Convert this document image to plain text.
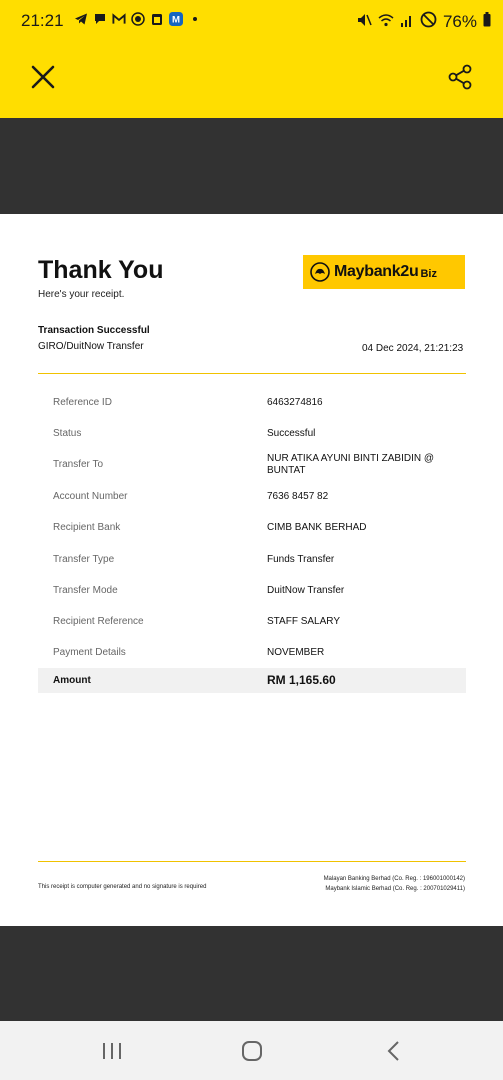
21:21	M	76%
Thank You
Here's your receipt.
Maybank2u Biz
Transaction Successful
GIRO/DuitNow Transfer	04 Dec 2024, 21:21:23
Reference ID	6463274816
Status	Successful
Transfer To
NUR ATIKA AYUNI BINTI ZABIDIN @ BUNTAT
Account Number	7636 8457 82
Recipient Bank	CIMB BANK BERHAD
Transfer Type	Funds Transfer
Transfer Mode	DuitNow Transfer
Recipient Reference	STAFF SALARY
Payment Details	NOVEMBER
Amount	RM 1,165.60
This receipt is computer generated and no signature is required
Malayan Banking Berhad (Co. Reg. : 196001000142)
Maybank Islamic Berhad (Co. Reg. : 200701029411)
